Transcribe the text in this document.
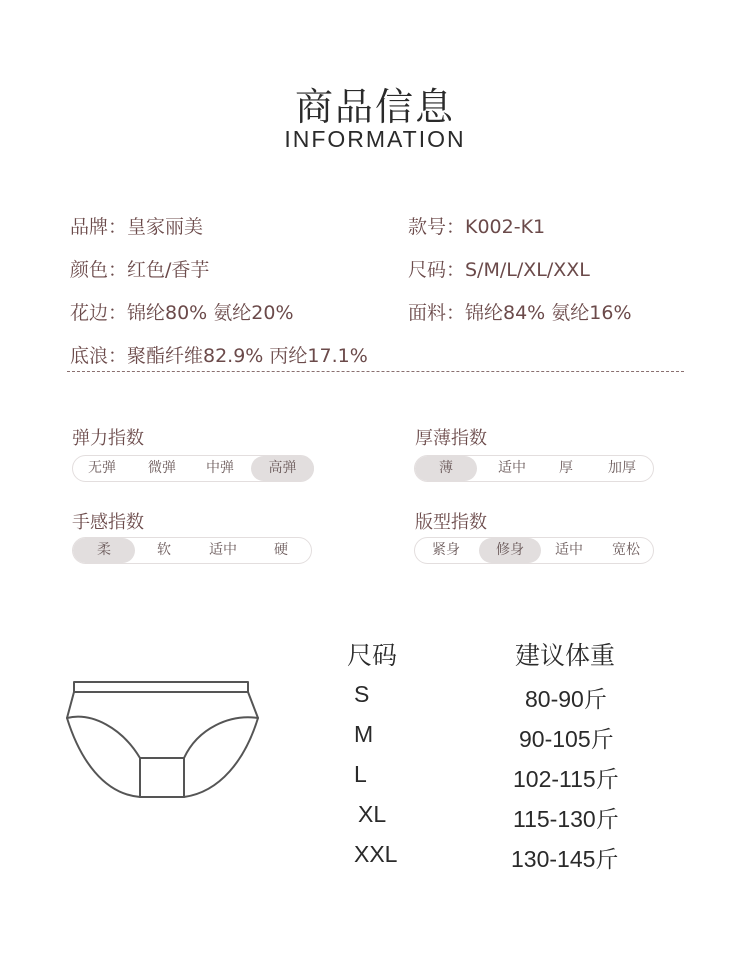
商品信息
INFORMATION
品牌：皇家丽美	款号：K002-K1
颜色：红色/香芋	尺码：S/M/L/XL/XXL
花边：锦纶80% 氨纶20%	面料：锦纶84% 氨纶16%
底浪：聚酯纤维82.9% 丙纶17.1%
弹力指数
无弹	微弹	中弹	高弹
厚薄指数
薄	适中	厚	加厚
手感指数
柔	软	适中	硬
版型指数
紧身	修身	适中	宽松
尺码	建议体重
S	80-90斤
M	90-105斤
L	102-115斤
XL	115-130斤
XXL	130-145斤
